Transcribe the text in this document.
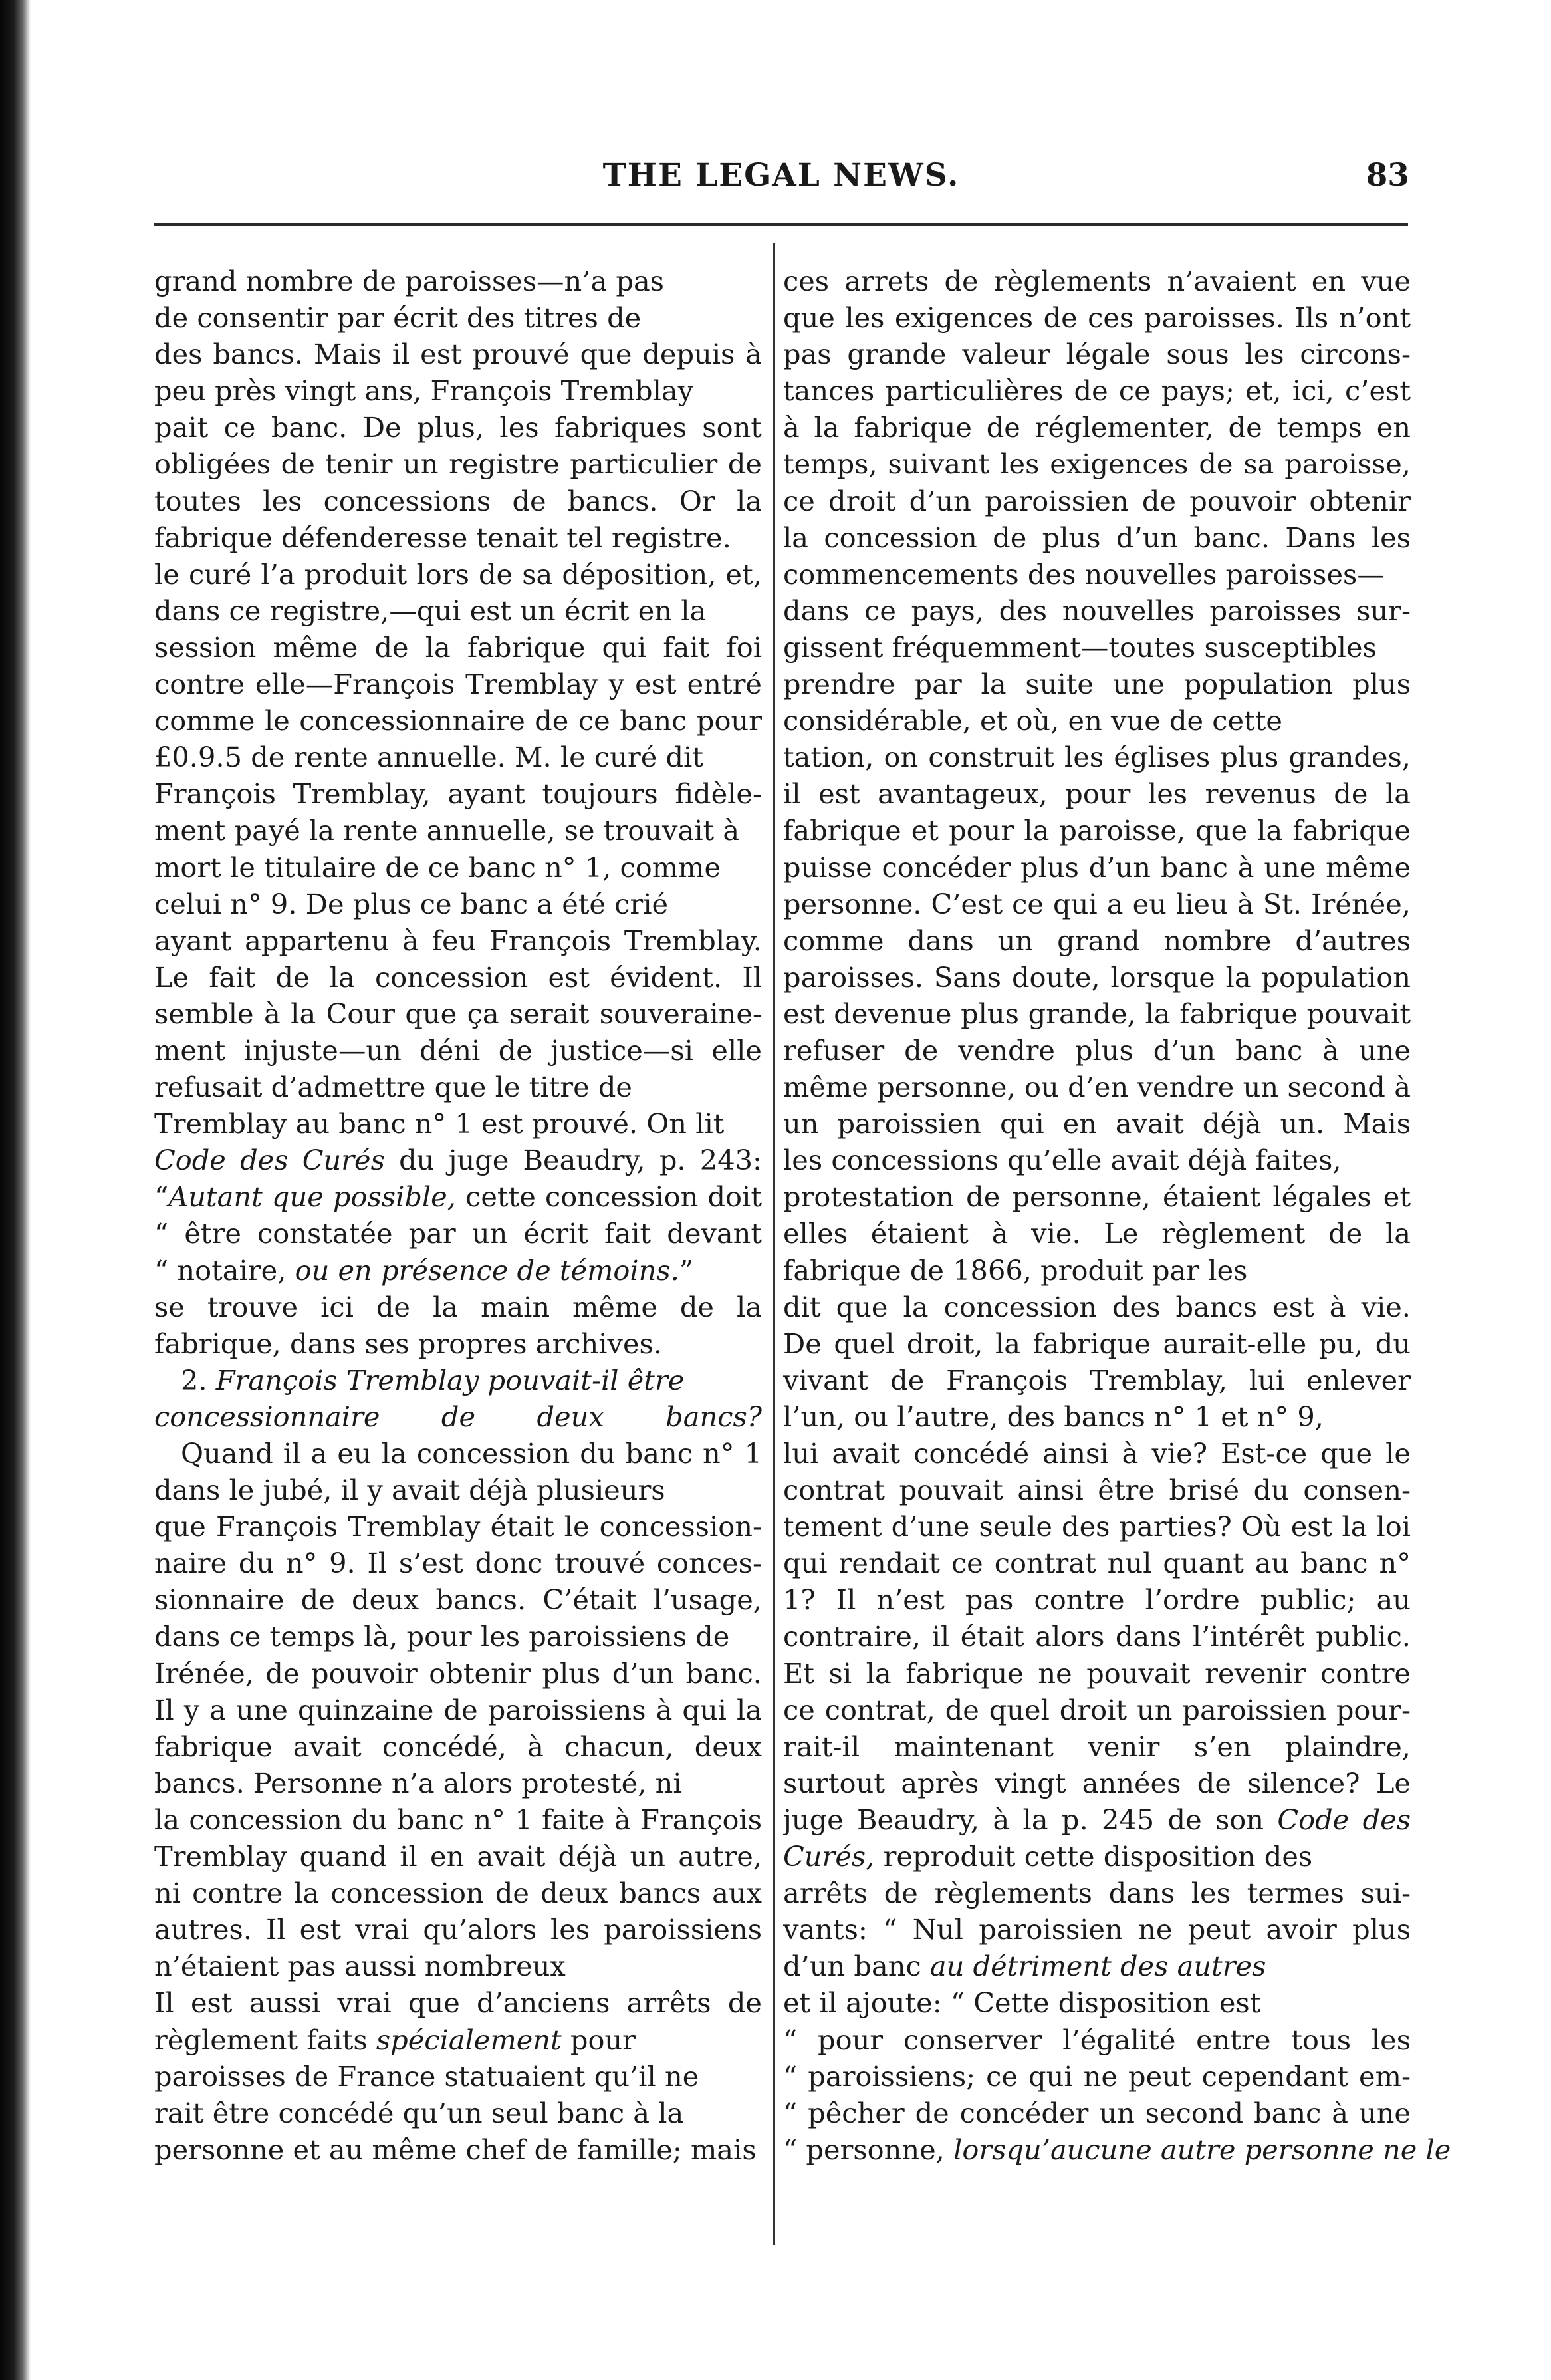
THE LEGAL NEWS.	83
grand nombre de paroisses—n’a pas
de consentir par écrit des titres de
des bancs. Mais il est prouvé que depuis à
peu près vingt ans, François Tremblay
pait ce banc. De plus, les fabriques sont
obligées de tenir un registre particulier de
toutes les concessions de bancs. Or la
fabrique défenderesse tenait tel registre.
le curé l’a produit lors de sa déposition, et,
dans ce registre,—qui est un écrit en la
session même de la fabrique qui fait foi
contre elle—François Tremblay y est entré
comme le concessionnaire de ce banc pour
£0.9.5 de rente annuelle. M. le curé dit
François Tremblay, ayant toujours fidèle-
ment payé la rente annuelle, se trouvait à
mort le titulaire de ce banc n° 1, comme
celui n° 9. De plus ce banc a été crié
ayant appartenu à feu François Tremblay.
Le fait de la concession est évident. Il
semble à la Cour que ça serait souveraine-
ment injuste—un déni de justice—si elle
refusait d’admettre que le titre de
Tremblay au banc n° 1 est prouvé. On lit
Code des Curés du juge Beaudry, p. 243:
“Autant que possible, cette concession doit
“ être constatée par un écrit fait devant
“ notaire, ou en présence de témoins.”
se trouve ici de la main même de la
fabrique, dans ses propres archives.
2. François Tremblay pouvait-il être
concessionnaire de deux bancs?
Quand il a eu la concession du banc n° 1
dans le jubé, il y avait déjà plusieurs
que François Tremblay était le concession-
naire du n° 9. Il s’est donc trouvé conces-
sionnaire de deux bancs. C’était l’usage,
dans ce temps là, pour les paroissiens de
Irénée, de pouvoir obtenir plus d’un banc.
Il y a une quinzaine de paroissiens à qui la
fabrique avait concédé, à chacun, deux
bancs. Personne n’a alors protesté, ni
la concession du banc n° 1 faite à François
Tremblay quand il en avait déjà un autre,
ni contre la concession de deux bancs aux
autres. Il est vrai qu’alors les paroissiens
n’étaient pas aussi nombreux
Il est aussi vrai que d’anciens arrêts de
règlement faits spécialement pour
paroisses de France statuaient qu’il ne
rait être concédé qu’un seul banc à la
personne et au même chef de famille; mais
ces arrets de règlements n’avaient en vue
que les exigences de ces paroisses. Ils n’ont
pas grande valeur légale sous les circons-
tances particulières de ce pays; et, ici, c’est
à la fabrique de réglementer, de temps en
temps, suivant les exigences de sa paroisse,
ce droit d’un paroissien de pouvoir obtenir
la concession de plus d’un banc. Dans les
commencements des nouvelles paroisses—
dans ce pays, des nouvelles paroisses sur-
gissent fréquemment—toutes susceptibles
prendre par la suite une population plus
considérable, et où, en vue de cette
tation, on construit les églises plus grandes,
il est avantageux, pour les revenus de la
fabrique et pour la paroisse, que la fabrique
puisse concéder plus d’un banc à une même
personne. C’est ce qui a eu lieu à St. Irénée,
comme dans un grand nombre d’autres
paroisses. Sans doute, lorsque la population
est devenue plus grande, la fabrique pouvait
refuser de vendre plus d’un banc à une
même personne, ou d’en vendre un second à
un paroissien qui en avait déjà un. Mais
les concessions qu’elle avait déjà faites,
protestation de personne, étaient légales et
elles étaient à vie. Le règlement de la
fabrique de 1866, produit par les
dit que la concession des bancs est à vie.
De quel droit, la fabrique aurait-elle pu, du
vivant de François Tremblay, lui enlever
l’un, ou l’autre, des bancs n° 1 et n° 9,
lui avait concédé ainsi à vie? Est-ce que le
contrat pouvait ainsi être brisé du consen-
tement d’une seule des parties? Où est la loi
qui rendait ce contrat nul quant au banc n°
1? Il n’est pas contre l’ordre public; au
contraire, il était alors dans l’intérêt public.
Et si la fabrique ne pouvait revenir contre
ce contrat, de quel droit un paroissien pour-
rait-il maintenant venir s’en plaindre,
surtout après vingt années de silence? Le
juge Beaudry, à la p. 245 de son Code des
Curés, reproduit cette disposition des
arrêts de règlements dans les termes sui-
vants: “ Nul paroissien ne peut avoir plus
d’un banc au détriment des autres
et il ajoute: “ Cette disposition est
“ pour conserver l’égalité entre tous les
“ paroissiens; ce qui ne peut cependant em-
“ pêcher de concéder un second banc à une
“ personne, lorsqu’aucune autre personne ne le
